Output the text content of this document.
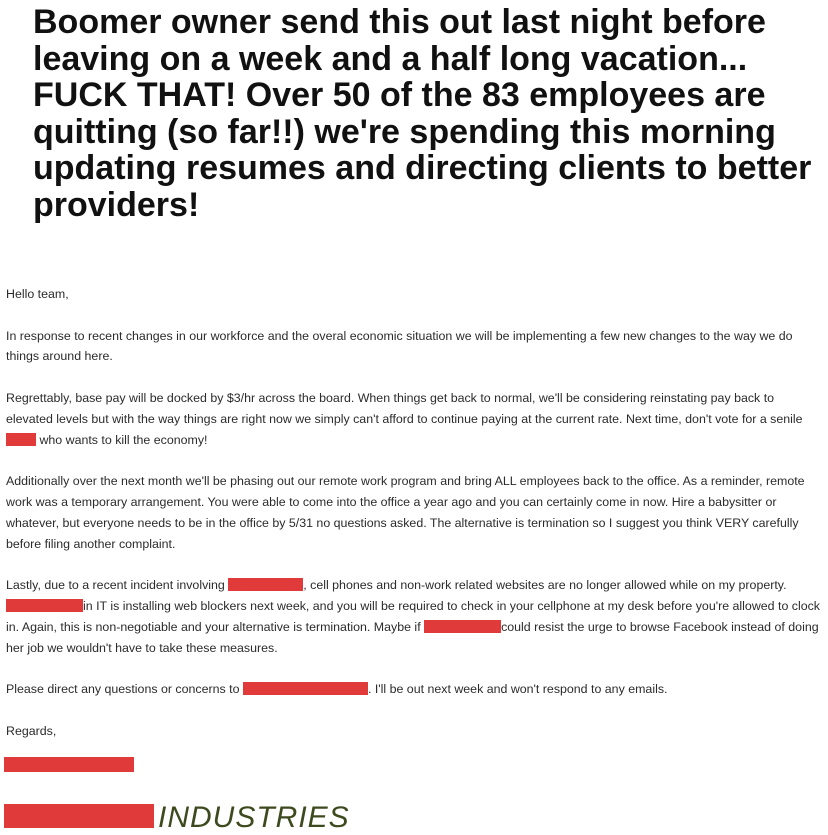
Boomer owner send this out last night before leaving on a week and a half long vacation... FUCK THAT! Over 50 of the 83 employees are quitting (so far!!) we're spending this morning updating resumes and directing clients to better providers!

Hello team,

In response to recent changes in our workforce and the overal economic situation we will be implementing a few new changes to the way we do things around here.

Regrettably, base pay will be docked by $3/hr across the board. When things get back to normal, we'll be considering reinstating pay back to elevated levels but with the way things are right now we simply can't afford to continue paying at the current rate. Next time, don't vote for a senile  who wants to kill the economy!

Additionally over the next month we'll be phasing out our remote work program and bring ALL employees back to the office. As a reminder, remote work was a temporary arrangement. You were able to come into the office a year ago and you can certainly come in now. Hire a babysitter or whatever, but everyone needs to be in the office by 5/31 no questions asked. The alternative is termination so I suggest you think VERY carefully before filing another complaint.

Lastly, due to a recent incident involving	, cell phones and non-work related websites are no longer allowed while on my property. in IT is installing web blockers next week, and you will be required to check in your cellphone at my desk before you're allowed to clock in. Again, this is non-negotiable and your alternative is termination. Maybe if	could resist the urge to browse Facebook instead of doing her job we wouldn't have to take these measures.

Please direct any questions or concerns to	. I'll be out next week and won't respond to any emails.

Regards,

INDUSTRIES
